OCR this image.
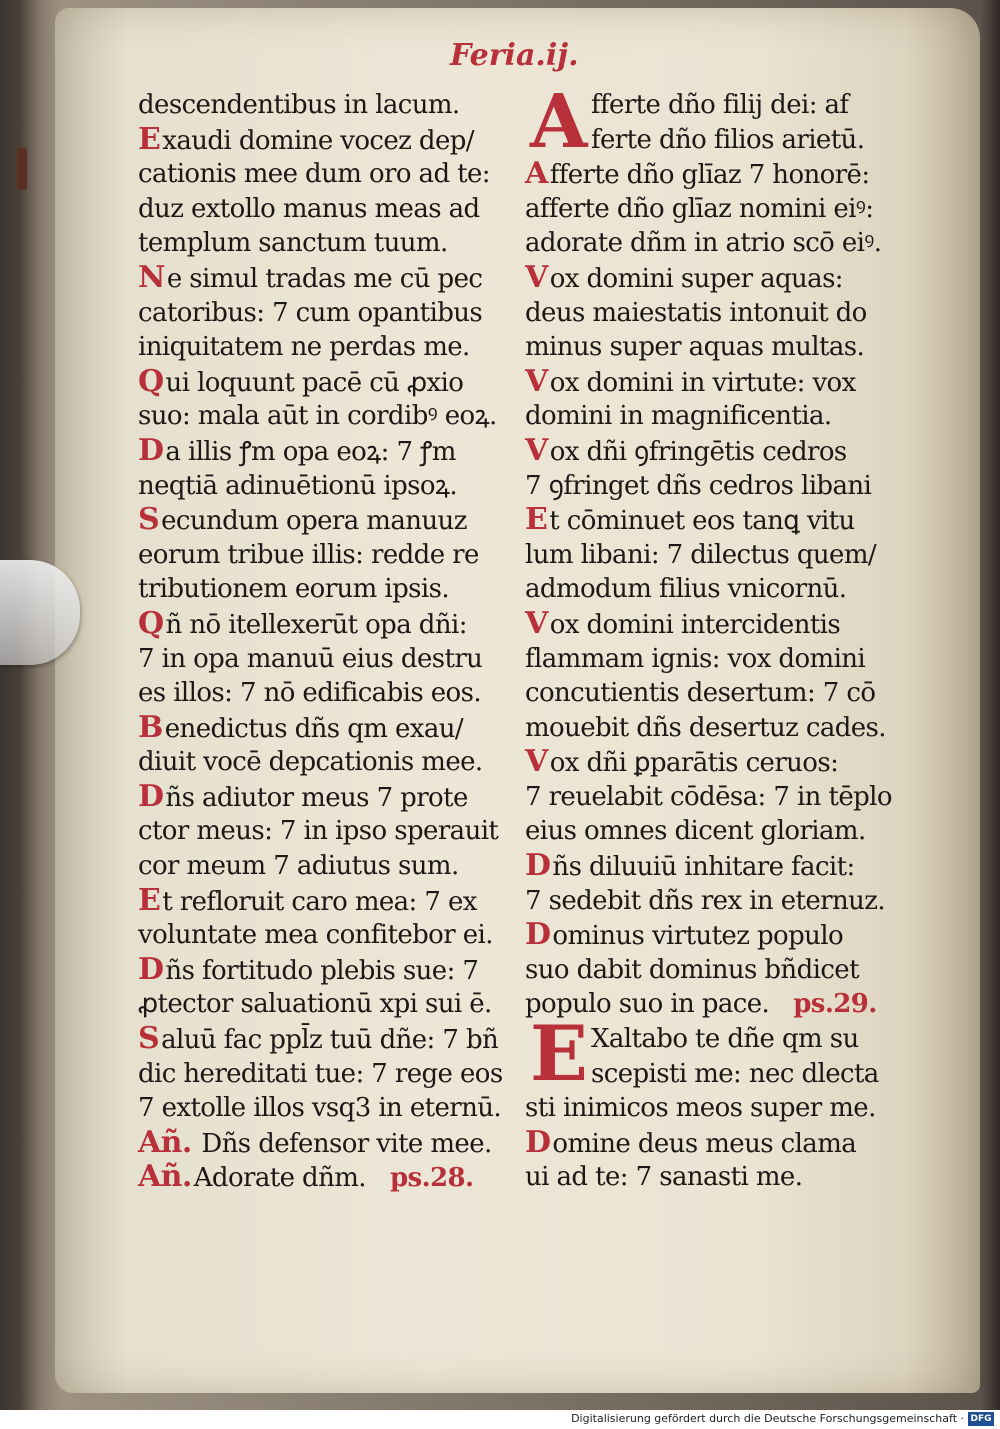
Feria.ij.
A
E
descendentibus in lacum.
Exaudi domine vocez dep/
cationis mee dum oro ad te:
duz extollo manus meas ad
templum sanctum tuum.
Ne simul tradas me cū pec
catoribus: 7 cum opantibus
iniquitatem ne perdas me.
Qui loquunt pacē cū ꝓxio
suo: mala aūt in cordibꝰ eoꝝ.
Da illis ꝭm opa eoꝝ: 7 ꝭm
neqtiā adinuētionū ipsoꝝ.
Secundum opera manuuz
eorum tribue illis: redde re
tributionem eorum ipsis.
Qñ nō itellexerūt opa dñi:
7 in opa manuū eius destru
es illos: 7 nō edificabis eos.
Benedictus dñs qm exau/
diuit vocē depcationis mee.
Dñs adiutor meus 7 prote
ctor meus: 7 in ipso sperauit
cor meum 7 adiutus sum.
Et refloruit caro mea: 7 ex
voluntate mea confitebor ei.
Dñs fortitudo plebis sue: 7
ꝓtector saluationū xpi sui ē.
Saluū fac ppl̄z tuū dñe: 7 bñ
dic hereditati tue: 7 rege eos
7 extolle illos vsq3 in eternū.
Añ. Dñs defensor vite mee.
Añ.Adorate dñm. ps.28.
fferte dño filij dei: af
ferte dño filios arietū.
Afferte dño glīaz 7 honorē:
afferte dño glīaz nomini eiꝰ:
adorate dñm in atrio scō eiꝰ.
Vox domini super aquas:
deus maiestatis intonuit do
minus super aquas multas.
Vox domini in virtute: vox
domini in magnificentia.
Vox dñi ꝯfringētis cedros
7 ꝯfringet dñs cedros libani
Et cōminuet eos tanꝗ vitu
lum libani: 7 dilectus quem/
admodum filius vnicornū.
Vox domini intercidentis
flammam ignis: vox domini
concutientis desertum: 7 cō
mouebit dñs desertuz cades.
Vox dñi ꝑparātis ceruos:
7 reuelabit cōdēsa: 7 in tēplo
eius omnes dicent gloriam.
Dñs diluuiū inhitare facit:
7 sedebit dñs rex in eternuz.
Dominus virtutez populo
suo dabit dominus bñdicet
populo suo in pace. ps.29.
Xaltabo te dñe qm su
scepisti me: nec dlecta
sti inimicos meos super me.
Domine deus meus clama
ui ad te: 7 sanasti me.
Digitalisierung gefördert durch die Deutsche Forschungsgemeinschaft · DFG
